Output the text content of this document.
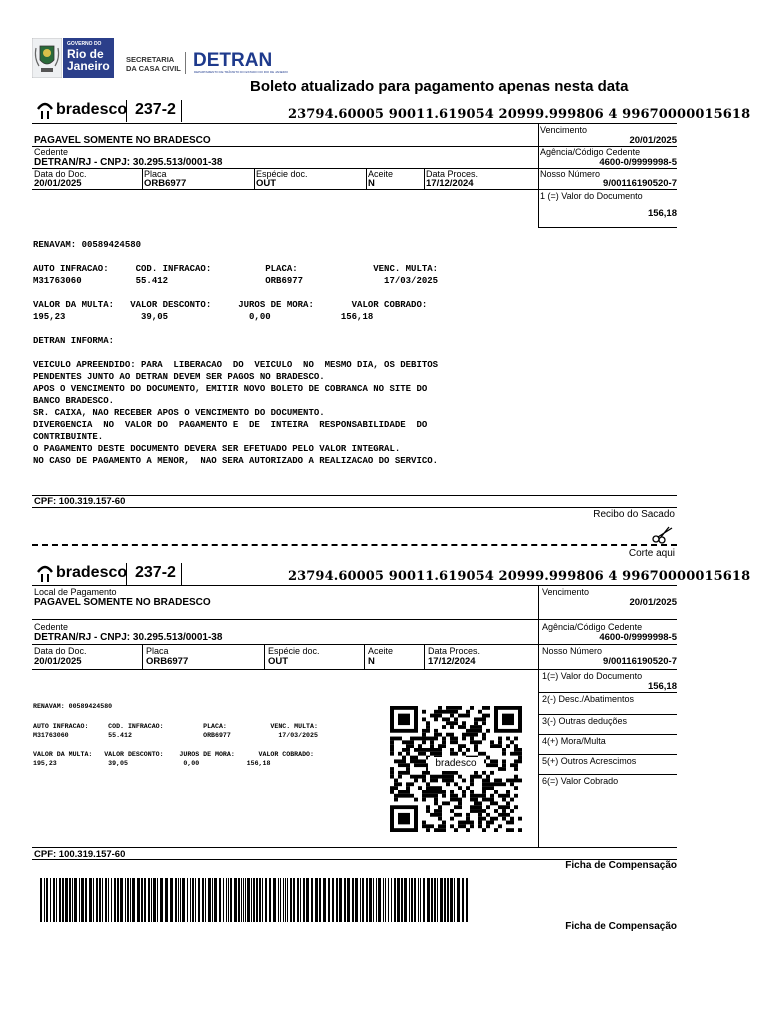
GOVERNO DO
Rio de
Janeiro SECRETARIA
DA CASA CIVIL DETRAN
DEPARTAMENTO DE TRÂNSITO DO ESTADO DO RIO DE JANEIRO
Boleto atualizado para pagamento apenas nesta data
bradesco 237-2	23794.60005 90011.619054 20999.999806 4 99670000015618
Vencimento
20/01/2025
PAGAVEL SOMENTE NO BRADESCO
Cedente	Agência/Código Cedente
DETRAN/RJ - CNPJ: 30.295.513/0001-38	4600-0/9999998-5
Data do Doc.	Placa	Espécie doc.	Aceite	Data Proces.	Nosso Número
20/01/2025	ORB6977	OUT	N	17/12/2024	9/00116190520-7
1 (=) Valor do Documento
156,18
RENAVAM: 00589424580
AUTO INFRACAO:     COD. INFRACAO:          PLACA:              VENC. MULTA:
M31763060          55.412                  ORB6977               17/03/2025
VALOR DA MULTA:   VALOR DESCONTO:     JUROS DE MORA:       VALOR COBRADO:
195,23              39,05               0,00             156,18
DETRAN INFORMA:
VEICULO APREENDIDO: PARA  LIBERACAO  DO  VEICULO  NO  MESMO DIA, OS DEBITOS
PENDENTES JUNTO AO DETRAN DEVEM SER PAGOS NO BRADESCO.
APOS O VENCIMENTO DO DOCUMENTO, EMITIR NOVO BOLETO DE COBRANCA NO SITE DO
BANCO BRADESCO.
SR. CAIXA, NAO RECEBER APOS O VENCIMENTO DO DOCUMENTO.
DIVERGENCIA  NO  VALOR DO  PAGAMENTO E  DE  INTEIRA  RESPONSABILIDADE  DO
CONTRIBUINTE.
O PAGAMENTO DESTE DOCUMENTO DEVERA SER EFETUADO PELO VALOR INTEGRAL.
NO CASO DE PAGAMENTO A MENOR,  NAO SERA AUTORIZADO A REALIZACAO DO SERVICO.
CPF: 100.319.157-60
Recibo do Sacado
Corte aqui
bradesco 237-2	23794.60005 90011.619054 20999.999806 4 99670000015618
Local de Pagamento	Vencimento
PAGAVEL SOMENTE NO BRADESCO	20/01/2025
Cedente	Agência/Código Cedente
DETRAN/RJ - CNPJ: 30.295.513/0001-38	4600-0/9999998-5
Data do Doc.	Placa	Espécie doc.	Aceite	Data Proces.	Nosso Número
20/01/2025	ORB6977	OUT	N	17/12/2024	9/00116190520-7
1(=) Valor do Documento
156,18
2(-) Desc./Abatimentos
3(-) Outras deduções
4(+) Mora/Multa
5(+) Outros Acrescimos
6(=) Valor Cobrado
RENAVAM: 00589424580
AUTO INFRACAO:     COD. INFRACAO:          PLACA:           VENC. MULTA:
M31763060          55.412                  ORB6977            17/03/2025
VALOR DA MULTA:   VALOR DESCONTO:    JUROS DE MORA:      VALOR COBRADO:
195,23             39,05              0,00            156,18	bradesco
CPF: 100.319.157-60
Ficha de Compensação
Ficha de Compensação
